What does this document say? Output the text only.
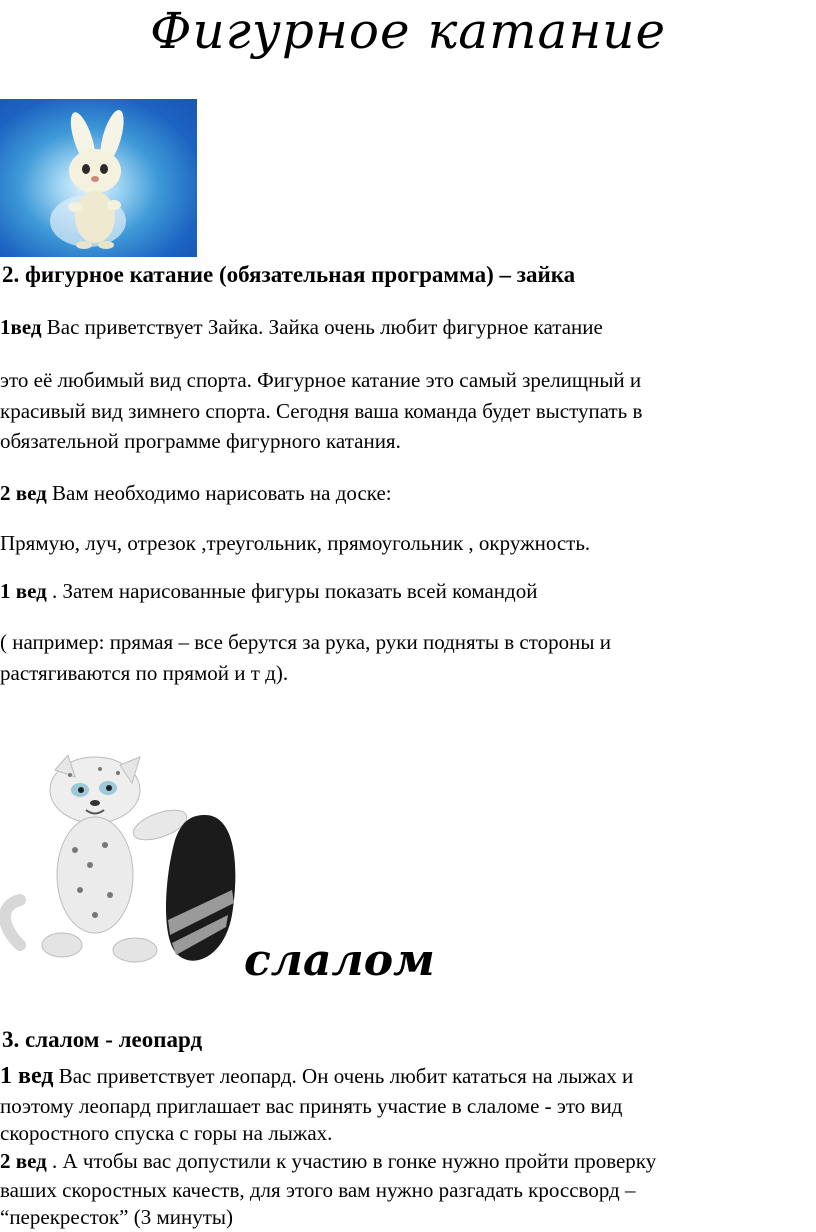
Фигурное катание
2. фигурное катание (обязательная программа) – зайка
1вед Вас приветствует Зайка. Зайка очень любит фигурное катание
это её любимый вид спорта. Фигурное катание это самый зрелищный и
красивый вид зимнего спорта. Сегодня ваша команда будет выступать в
обязательной программе фигурного катания.
2 вед Вам необходимо нарисовать на доске:
Прямую, луч, отрезок ,треугольник, прямоугольник , окружность.
1 вед . Затем нарисованные фигуры показать всей командой
( например: прямая – все берутся за рука, руки подняты в стороны и
растягиваются по прямой и т д).
слалом
3. слалом - леопард
1 вед Вас приветствует леопард. Он очень любит кататься на лыжах и
поэтому леопард приглашает вас принять участие в слаломе - это вид
скоростного спуска с горы на лыжах.
2 вед . А чтобы вас допустили к участию в гонке нужно пройти проверку
ваших скоростных качеств, для этого вам нужно разгадать кроссворд –
“перекресток” (3 минуты)
